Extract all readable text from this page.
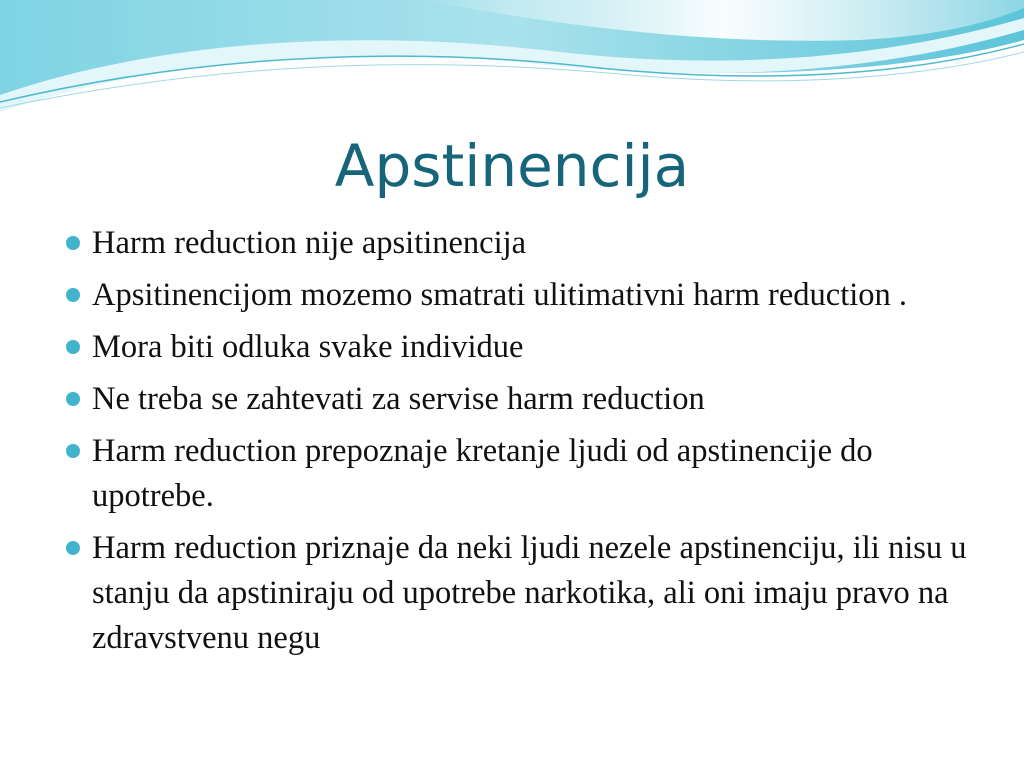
Apstinencija
Harm reduction nije apsitinencija
Apsitinencijom mozemo smatrati ulitimativni harm reduction .
Mora biti odluka svake individue
Ne treba se zahtevati za servise harm reduction
Harm reduction prepoznaje kretanje ljudi od apstinencije do upotrebe.
Harm reduction priznaje da neki ljudi nezele apstinenciju, ili nisu u stanju da apstiniraju od upotrebe narkotika, ali oni imaju pravo na zdravstvenu negu
